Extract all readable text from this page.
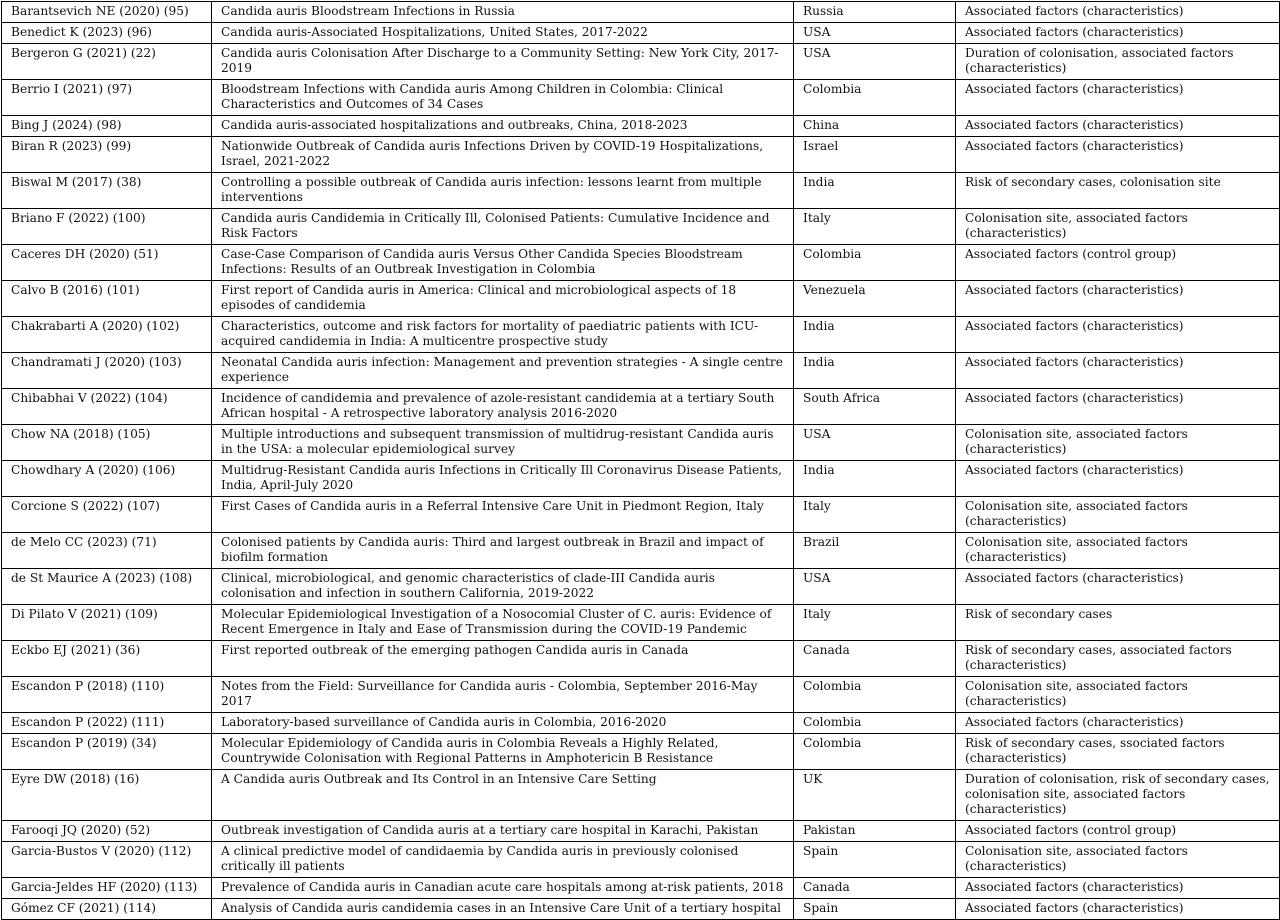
Barantsevich NE (2020) (95)	Candida auris Bloodstream Infections in Russia	Russia	Associated factors (characteristics)
Benedict K (2023) (96)	Candida auris-Associated Hospitalizations, United States, 2017-2022	USA	Associated factors (characteristics)
Bergeron G (2021) (22)	Candida auris Colonisation After Discharge to a Community Setting: New York City, 2017-2019	USA	Duration of colonisation, associated factors (characteristics)
Berrio I (2021) (97)	Bloodstream Infections with Candida auris Among Children in Colombia: Clinical Characteristics and Outcomes of 34 Cases	Colombia	Associated factors (characteristics)
Bing J (2024) (98)	Candida auris-associated hospitalizations and outbreaks, China, 2018-2023	China	Associated factors (characteristics)
Biran R (2023) (99)	Nationwide Outbreak of Candida auris Infections Driven by COVID-19 Hospitalizations, Israel, 2021-2022	Israel	Associated factors (characteristics)
Biswal M (2017) (38)	Controlling a possible outbreak of Candida auris infection: lessons learnt from multiple interventions	India	Risk of secondary cases, colonisation site
Briano F (2022) (100)	Candida auris Candidemia in Critically Ill, Colonised Patients: Cumulative Incidence and Risk Factors	Italy	Colonisation site, associated factors (characteristics)
Caceres DH (2020) (51)	Case-Case Comparison of Candida auris Versus Other Candida Species Bloodstream Infections: Results of an Outbreak Investigation in Colombia	Colombia	Associated factors (control group)
Calvo B (2016) (101)	First report of Candida auris in America: Clinical and microbiological aspects of 18 episodes of candidemia	Venezuela	Associated factors (characteristics)
Chakrabarti A (2020) (102)	Characteristics, outcome and risk factors for mortality of paediatric patients with ICU-acquired candidemia in India: A multicentre prospective study	India	Associated factors (characteristics)
Chandramati J (2020) (103)	Neonatal Candida auris infection: Management and prevention strategies - A single centre experience	India	Associated factors (characteristics)
Chibabhai V (2022) (104)	Incidence of candidemia and prevalence of azole-resistant candidemia at a tertiary South African hospital - A retrospective laboratory analysis 2016-2020	South Africa	Associated factors (characteristics)
Chow NA (2018) (105)	Multiple introductions and subsequent transmission of multidrug-resistant Candida auris in the USA: a molecular epidemiological survey	USA	Colonisation site, associated factors (characteristics)
Chowdhary A (2020) (106)	Multidrug-Resistant Candida auris Infections in Critically Ill Coronavirus Disease Patients, India, April-July 2020	India	Associated factors (characteristics)
Corcione S (2022) (107)	First Cases of Candida auris in a Referral Intensive Care Unit in Piedmont Region, Italy	Italy	Colonisation site, associated factors (characteristics)
de Melo CC (2023) (71)	Colonised patients by Candida auris: Third and largest outbreak in Brazil and impact of biofilm formation	Brazil	Colonisation site, associated factors (characteristics)
de St Maurice A (2023) (108)	Clinical, microbiological, and genomic characteristics of clade-III Candida auris colonisation and infection in southern California, 2019-2022	USA	Associated factors (characteristics)
Di Pilato V (2021) (109)	Molecular Epidemiological Investigation of a Nosocomial Cluster of C. auris: Evidence of Recent Emergence in Italy and Ease of Transmission during the COVID-19 Pandemic	Italy	Risk of secondary cases
Eckbo EJ (2021) (36)	First reported outbreak of the emerging pathogen Candida auris in Canada	Canada	Risk of secondary cases, associated factors (characteristics)
Escandon P (2018) (110)	Notes from the Field: Surveillance for Candida auris - Colombia, September 2016-May 2017	Colombia	Colonisation site, associated factors (characteristics)
Escandon P (2022) (111)	Laboratory-based surveillance of Candida auris in Colombia, 2016-2020	Colombia	Associated factors (characteristics)
Escandon P (2019) (34)	Molecular Epidemiology of Candida auris in Colombia Reveals a Highly Related, Countrywide Colonisation with Regional Patterns in Amphotericin B Resistance	Colombia	Risk of secondary cases, ssociated factors (characteristics)
Eyre DW (2018) (16)	A Candida auris Outbreak and Its Control in an Intensive Care Setting	UK	Duration of colonisation, risk of secondary cases, colonisation site, associated factors (characteristics)
Farooqi JQ (2020) (52)	Outbreak investigation of Candida auris at a tertiary care hospital in Karachi, Pakistan	Pakistan	Associated factors (control group)
Garcia-Bustos V (2020) (112)	A clinical predictive model of candidaemia by Candida auris in previously colonised critically ill patients	Spain	Colonisation site, associated factors (characteristics)
Garcia-Jeldes HF (2020) (113)	Prevalence of Candida auris in Canadian acute care hospitals among at-risk patients, 2018	Canada	Associated factors (characteristics)
Gómez CF (2021) (114)	Analysis of Candida auris candidemia cases in an Intensive Care Unit of a tertiary hospital	Spain	Associated factors (characteristics)
